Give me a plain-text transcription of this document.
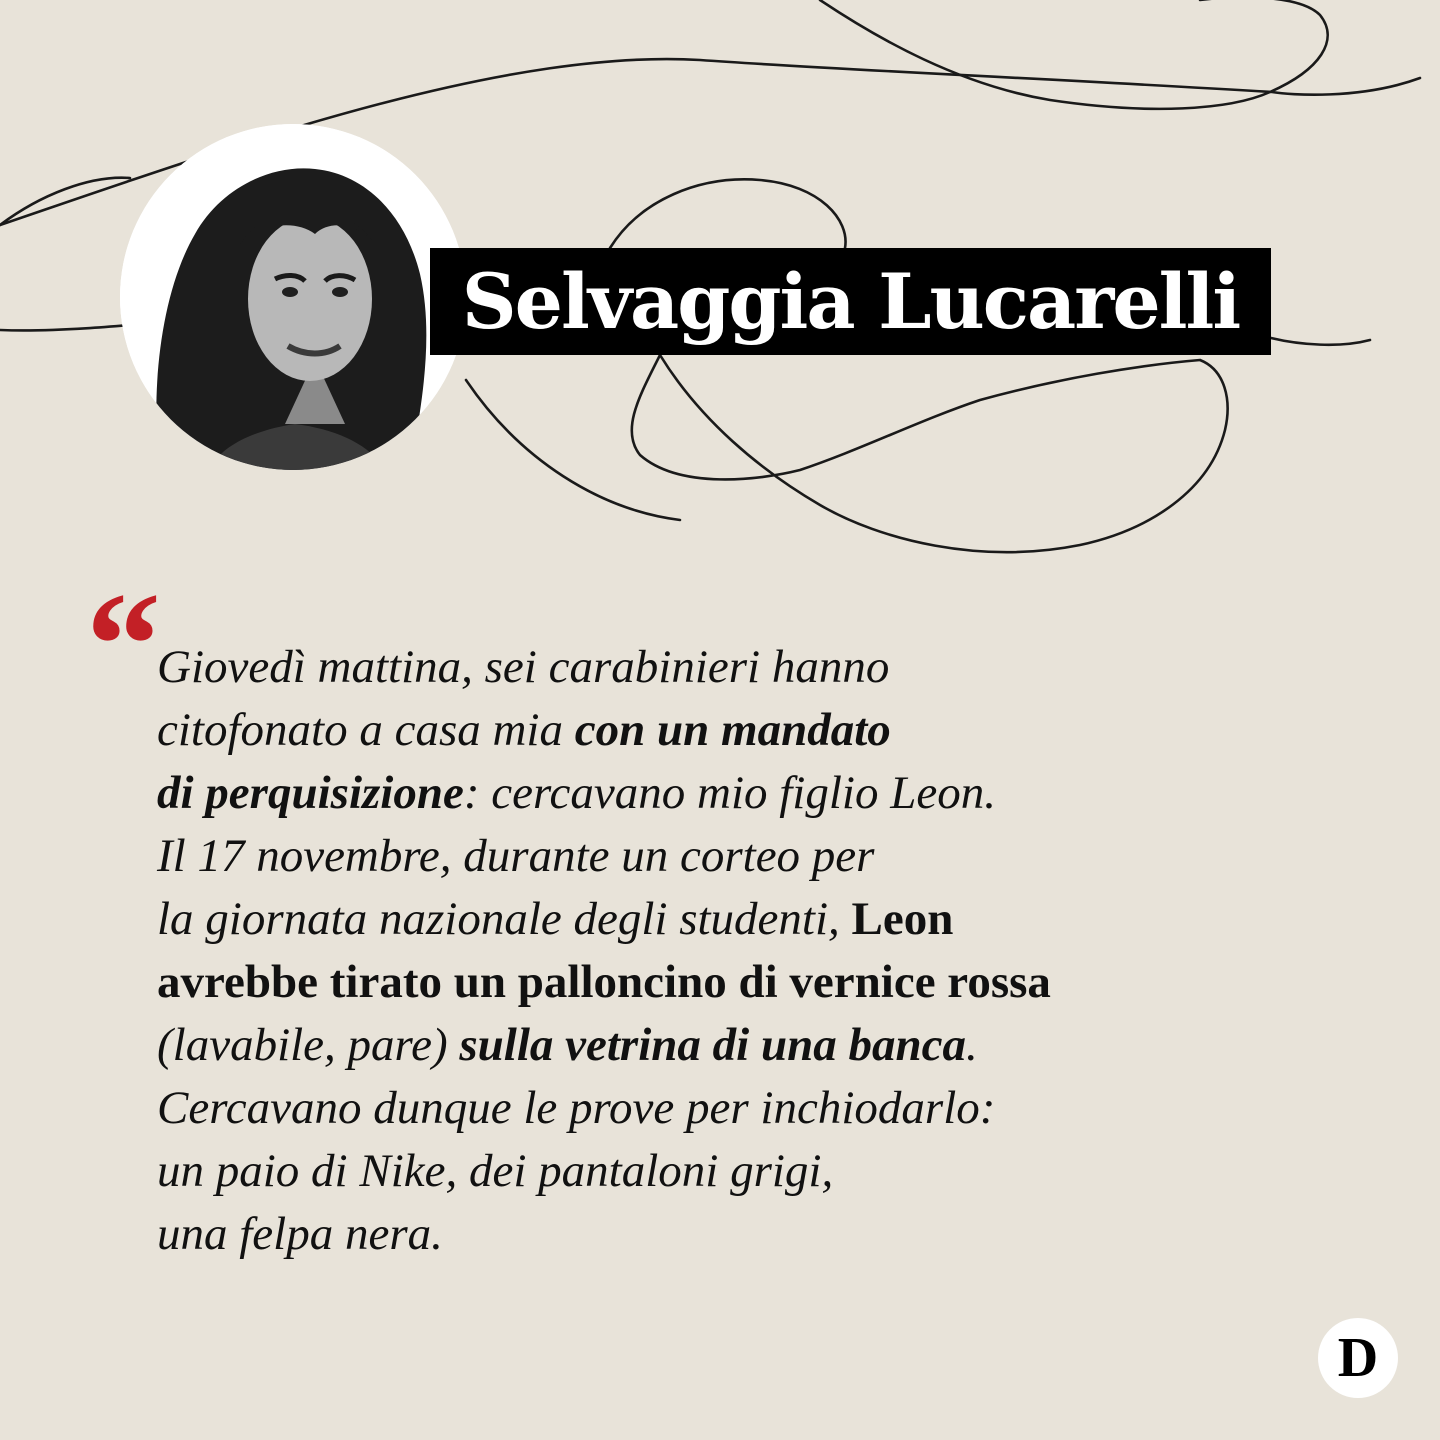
Selvaggia Lucarelli
“
Giovedì mattina, sei carabinieri hanno
citofonato a casa mia con un mandato
di perquisizione: cercavano mio figlio Leon.
Il 17 novembre, durante un corteo per
la giornata nazionale degli studenti, Leon
avrebbe tirato un palloncino di vernice rossa
(lavabile, pare) sulla vetrina di una banca.
Cercavano dunque le prove per inchiodarlo:
un paio di Nike, dei pantaloni grigi,
una felpa nera.
D
